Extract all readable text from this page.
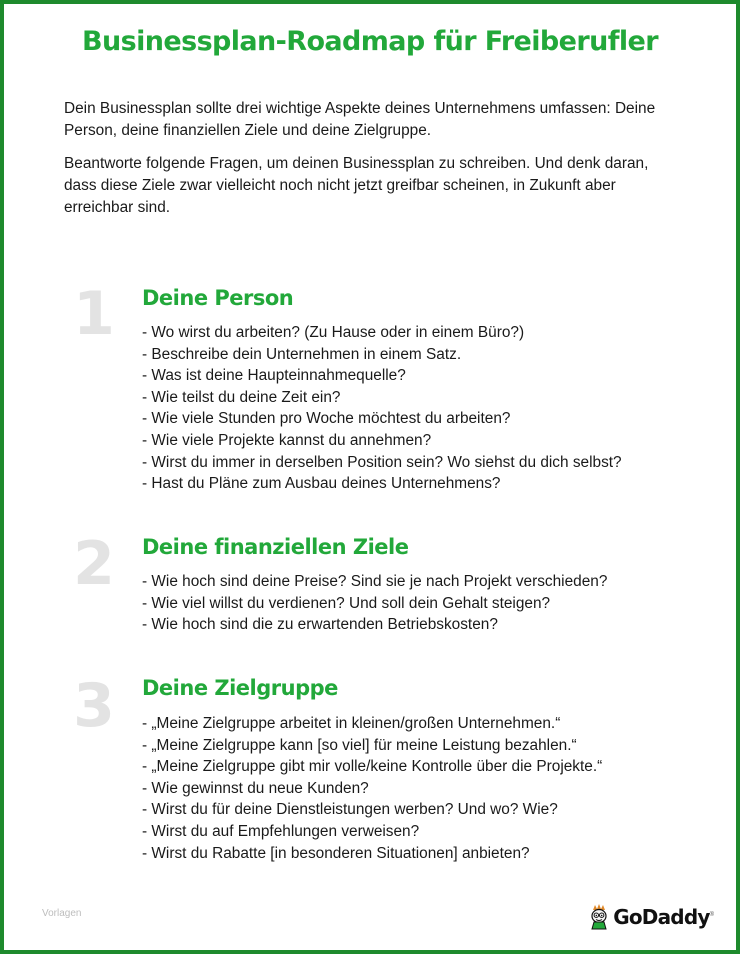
Businessplan-Roadmap für Freiberufler

Dein Businessplan sollte drei wichtige Aspekte deines Unternehmens umfassen: Deine Person, deine finanziellen Ziele und deine Zielgruppe.

Beantworte folgende Fragen, um deinen Businessplan zu schreiben. Und denk daran, dass diese Ziele zwar vielleicht noch nicht jetzt greifbar scheinen, in Zukunft aber erreichbar sind.

1	Deine Person
- Wo wirst du arbeiten? (Zu Hause oder in einem Büro?)
- Beschreibe dein Unternehmen in einem Satz.
- Was ist deine Haupteinnahmequelle?
- Wie teilst du deine Zeit ein?
- Wie viele Stunden pro Woche möchtest du arbeiten?
- Wie viele Projekte kannst du annehmen?
- Wirst du immer in derselben Position sein? Wo siehst du dich selbst?
- Hast du Pläne zum Ausbau deines Unternehmens?
2	Deine finanziellen Ziele
- Wie hoch sind deine Preise? Sind sie je nach Projekt verschieden?
- Wie viel willst du verdienen? Und soll dein Gehalt steigen?
- Wie hoch sind die zu erwartenden Betriebskosten?
3	Deine Zielgruppe
- „Meine Zielgruppe arbeitet in kleinen/großen Unternehmen.“
- „Meine Zielgruppe kann [so viel] für meine Leistung bezahlen.“
- „Meine Zielgruppe gibt mir volle/keine Kontrolle über die Projekte.“
- Wie gewinnst du neue Kunden?
- Wirst du für deine Dienstleistungen werben? Und wo? Wie?
- Wirst du auf Empfehlungen verweisen?
- Wirst du Rabatte [in besonderen Situationen] anbieten?
Vorlagen	GoDaddy ®
